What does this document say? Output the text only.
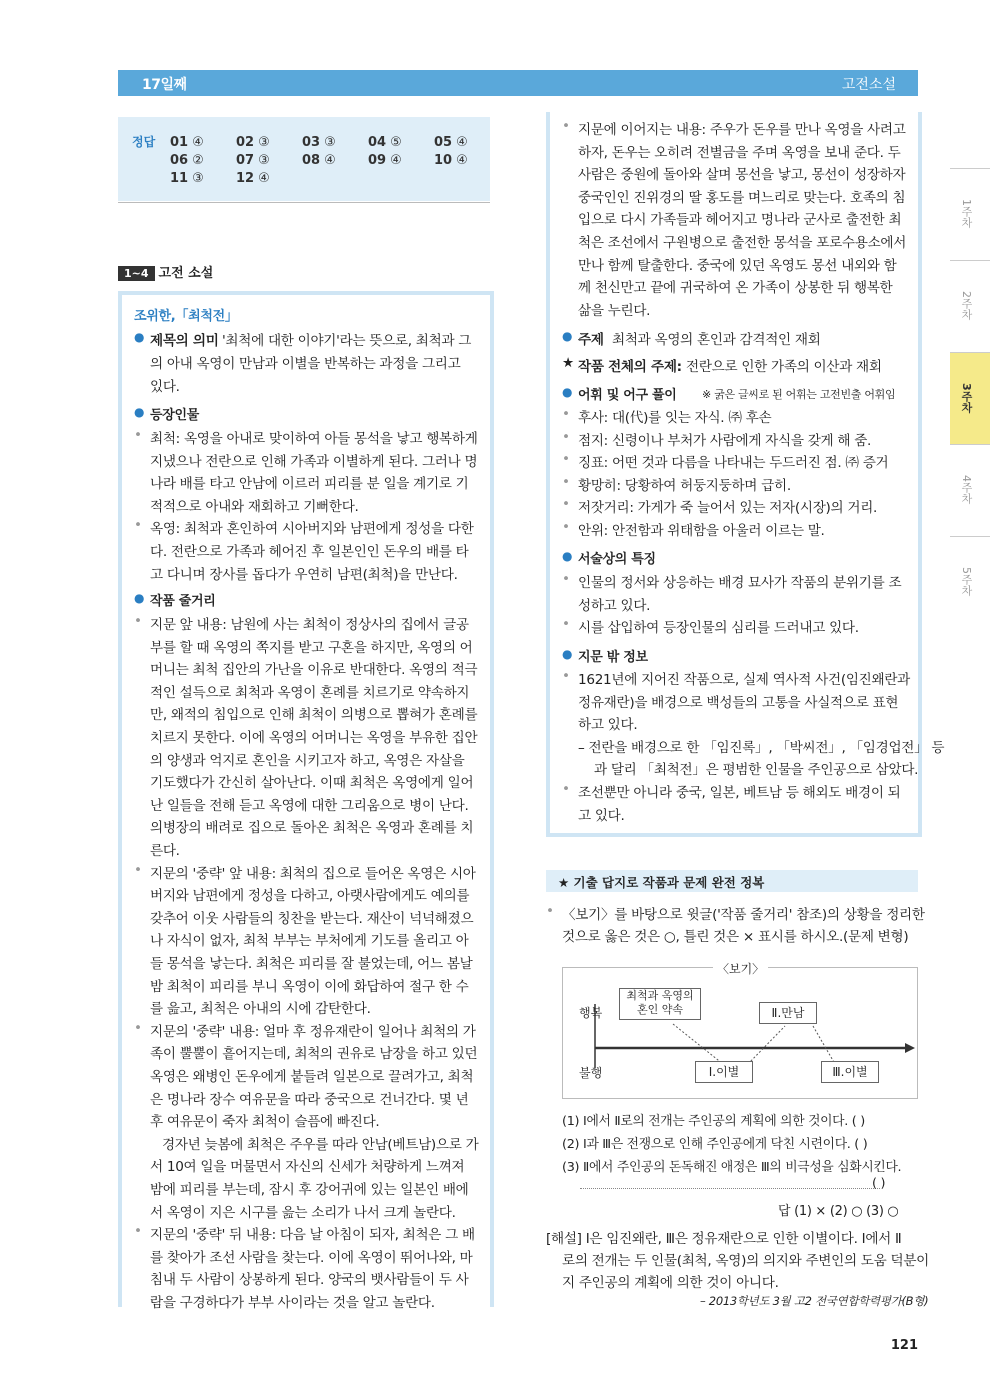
17일째	고전소설
정답 01 ④ 02 ③ 03 ③ 04 ⑤ 05 ④
06 ② 07 ③ 08 ④ 09 ④ 10 ④
11 ③ 12 ④
1~4 고전 소설
조위한,「최척전」
● 제목의 의미 '최척에 대한 이야기'라는 뜻으로, 최척과 그
의 아내 옥영이 만남과 이별을 반복하는 과정을 그리고
있다.
● 등장인물
• 최척: 옥영을 아내로 맞이하여 아들 몽석을 낳고 행복하게
지냈으나 전란으로 인해 가족과 이별하게 된다. 그러나 명
나라 배를 타고 안남에 이르러 피리를 분 일을 계기로 기
적적으로 아내와 재회하고 기뻐한다.
• 옥영: 최척과 혼인하여 시아버지와 남편에게 정성을 다한
다. 전란으로 가족과 헤어진 후 일본인인 돈우의 배를 타
고 다니며 장사를 돕다가 우연히 남편(최척)을 만난다.
● 작품 줄거리
• 지문 앞 내용: 남원에 사는 최척이 정상사의 집에서 글공
부를 할 때 옥영의 쪽지를 받고 구혼을 하지만, 옥영의 어
머니는 최척 집안의 가난을 이유로 반대한다. 옥영의 적극
적인 설득으로 최척과 옥영이 혼례를 치르기로 약속하지
만, 왜적의 침입으로 인해 최척이 의병으로 뽑혀가 혼례를
치르지 못한다. 이에 옥영의 어머니는 옥영을 부유한 집안
의 양생과 억지로 혼인을 시키고자 하고, 옥영은 자살을
기도했다가 간신히 살아난다. 이때 최척은 옥영에게 일어
난 일들을 전해 듣고 옥영에 대한 그리움으로 병이 난다.
의병장의 배려로 집으로 돌아온 최척은 옥영과 혼례를 치
른다.
• 지문의 '중략' 앞 내용: 최척의 집으로 들어온 옥영은 시아
버지와 남편에게 정성을 다하고, 아랫사람에게도 예의를
갖추어 이웃 사람들의 칭찬을 받는다. 재산이 넉넉해졌으
나 자식이 없자, 최척 부부는 부처에게 기도를 올리고 아
들 몽석을 낳는다. 최척은 피리를 잘 불었는데, 어느 봄날
밤 최척이 피리를 부니 옥영이 이에 화답하여 절구 한 수
를 읊고, 최척은 아내의 시에 감탄한다.
• 지문의 '중략' 내용: 얼마 후 정유재란이 일어나 최척의 가
족이 뿔뿔이 흩어지는데, 최척의 권유로 남장을 하고 있던
옥영은 왜병인 돈우에게 붙들려 일본으로 끌려가고, 최척
은 명나라 장수 여유문을 따라 중국으로 건너간다. 몇 년
후 여유문이 죽자 최척이 슬픔에 빠진다.
경자년 늦봄에 최척은 주우를 따라 안남(베트남)으로 가
서 10여 일을 머물면서 자신의 신세가 처량하게 느껴져
밤에 피리를 부는데, 잠시 후 강어귀에 있는 일본인 배에
서 옥영이 지은 시구를 읊는 소리가 나서 크게 놀란다.
• 지문의 '중략' 뒤 내용: 다음 날 아침이 되자, 최척은 그 배
를 찾아가 조선 사람을 찾는다. 이에 옥영이 뛰어나와, 마
침내 두 사람이 상봉하게 된다. 양국의 뱃사람들이 두 사
람을 구경하다가 부부 사이라는 것을 알고 놀란다.
• 지문에 이어지는 내용: 주우가 돈우를 만나 옥영을 사려고
하자, 돈우는 오히려 전별금을 주며 옥영을 보내 준다. 두
사람은 중원에 돌아와 살며 몽선을 낳고, 몽선이 성장하자
중국인인 진위경의 딸 홍도를 며느리로 맞는다. 호족의 침
입으로 다시 가족들과 헤어지고 명나라 군사로 출전한 최
척은 조선에서 구원병으로 출전한 몽석을 포로수용소에서
만나 함께 탈출한다. 중국에 있던 옥영도 몽선 내외와 함
께 천신만고 끝에 귀국하여 온 가족이 상봉한 뒤 행복한
삶을 누린다.
● 주제 최척과 옥영의 혼인과 감격적인 재회
★ 작품 전체의 주제: 전란으로 인한 가족의 이산과 재회
● 어휘 및 어구 풀이 ※ 굵은 글씨로 된 어휘는 고전빈출 어휘임
• 후사: 대(代)를 잇는 자식. ㈜ 후손
• 점지: 신령이나 부처가 사람에게 자식을 갖게 해 줌.
• 징표: 어떤 것과 다름을 나타내는 두드러진 점. ㈜ 증거
• 황망히: 당황하여 허둥지둥하며 급히.
• 저잣거리: 가게가 죽 늘어서 있는 저자(시장)의 거리.
• 안위: 안전함과 위태함을 아울러 이르는 말.
● 서술상의 특징
• 인물의 정서와 상응하는 배경 묘사가 작품의 분위기를 조
성하고 있다.
• 시를 삽입하여 등장인물의 심리를 드러내고 있다.
● 지문 밖 정보
• 1621년에 지어진 작품으로, 실제 역사적 사건(임진왜란과
정유재란)을 배경으로 백성들의 고통을 사실적으로 표현
하고 있다.
– 전란을 배경으로 한 「임진록」, 「박씨전」, 「임경업전」 등
과 달리 「최척전」은 평범한 인물을 주인공으로 삼았다.
• 조선뿐만 아니라 중국, 일본, 베트남 등 해외도 배경이 되
고 있다.
1주차
2주차
3주차
4주차
5주차
★ 기출 답지로 작품과 문제 완전 정복
• 〈보기〉를 바탕으로 윗글('작품 줄거리' 참조)의 상황을 정리한
것으로 옳은 것은 ○, 틀린 것은 × 표시를 하시오.(문제 변형)
(1) Ⅰ에서 Ⅱ로의 전개는 주인공의 계획에 의한 것이다. ( )
(2) Ⅰ과 Ⅲ은 전쟁으로 인해 주인공에게 닥친 시련이다. ( )
(3) Ⅱ에서 주인공의 돈독해진 애정은 Ⅲ의 비극성을 심화시킨다.
( )
답 (1) × (2) ○ (3) ○
[해설] Ⅰ은 임진왜란, Ⅲ은 정유재란으로 인한 이별이다. Ⅰ에서 Ⅱ
로의 전개는 두 인물(최척, 옥영)의 의지와 주변인의 도움 덕분이
지 주인공의 계획에 의한 것이 아니다.
– 2013학년도 3월 고2 전국연합학력평가(B형)
〈보기〉
행복
불행
최척과 옥영의
혼인 약속
Ⅰ.이별
Ⅱ.만남
Ⅲ.이별
121
